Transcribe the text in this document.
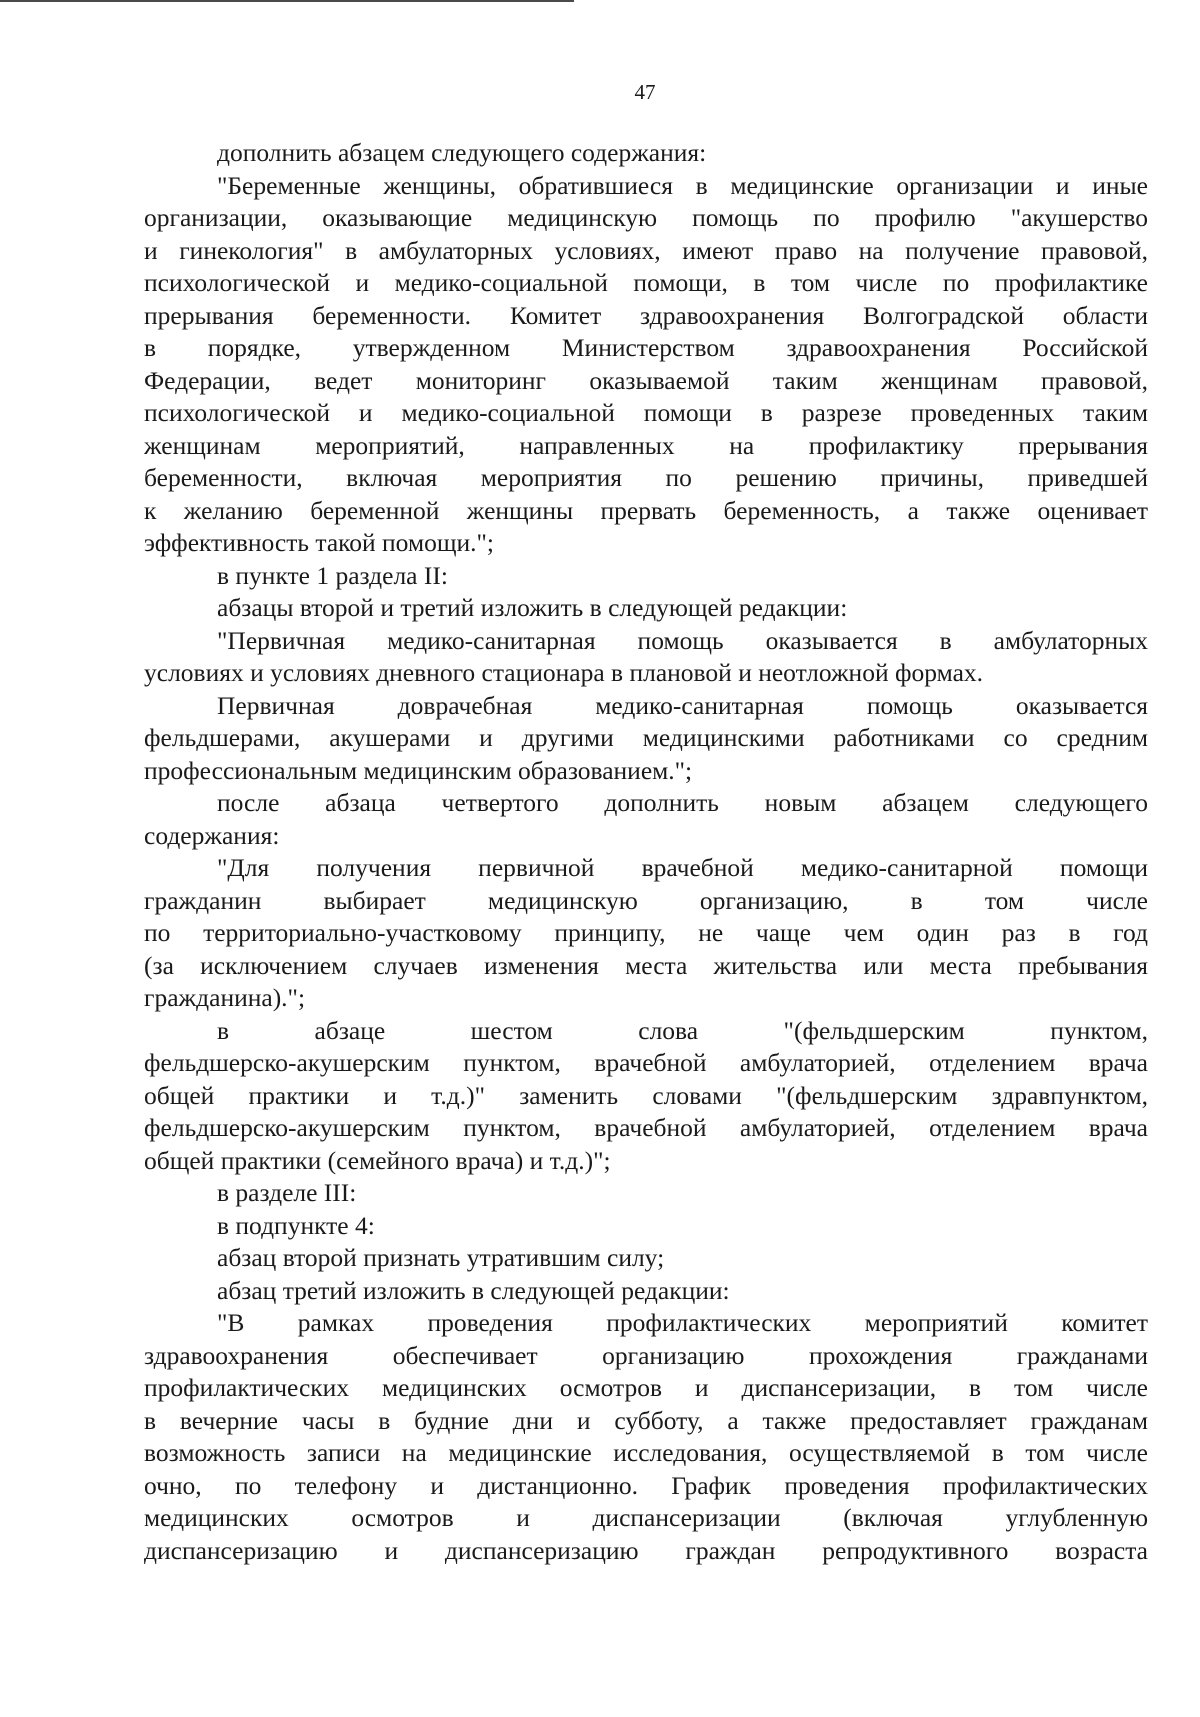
47
дополнить абзацем следующего содержания:
"Беременные женщины, обратившиеся в медицинские организации и иные
организации, оказывающие медицинскую помощь по профилю "акушерство
и гинекология" в амбулаторных условиях, имеют право на получение правовой,
психологической и медико-социальной помощи, в том числе по профилактике
прерывания беременности. Комитет здравоохранения Волгоградской области
в порядке, утвержденном Министерством здравоохранения Российской
Федерации, ведет мониторинг оказываемой таким женщинам правовой,
психологической и медико-социальной помощи в разрезе проведенных таким
женщинам мероприятий, направленных на профилактику прерывания
беременности, включая мероприятия по решению причины, приведшей
к желанию беременной женщины прервать беременность, а также оценивает
эффективность такой помощи.";
в пункте 1 раздела II:
абзацы второй и третий изложить в следующей редакции:
"Первичная медико-санитарная помощь оказывается в амбулаторных
условиях и условиях дневного стационара в плановой и неотложной формах.
Первичная доврачебная медико-санитарная помощь оказывается
фельдшерами, акушерами и другими медицинскими работниками со средним
профессиональным медицинским образованием.";
после абзаца четвертого дополнить новым абзацем следующего
содержания:
"Для получения первичной врачебной медико-санитарной помощи
гражданин выбирает медицинскую организацию, в том числе
по территориально-участковому принципу, не чаще чем один раз в год
(за исключением случаев изменения места жительства или места пребывания
гражданина).";
в абзаце шестом слова "(фельдшерским пунктом,
фельдшерско-акушерским пунктом, врачебной амбулаторией, отделением врача
общей практики и т.д.)" заменить словами "(фельдшерским здравпунктом,
фельдшерско-акушерским пунктом, врачебной амбулаторией, отделением врача
общей практики (семейного врача) и т.д.)";
в разделе III:
в подпункте 4:
абзац второй признать утратившим силу;
абзац третий изложить в следующей редакции:
"В рамках проведения профилактических мероприятий комитет
здравоохранения обеспечивает организацию прохождения гражданами
профилактических медицинских осмотров и диспансеризации, в том числе
в вечерние часы в будние дни и субботу, а также предоставляет гражданам
возможность записи на медицинские исследования, осуществляемой в том числе
очно, по телефону и дистанционно. График проведения профилактических
медицинских осмотров и диспансеризации (включая углубленную
диспансеризацию и диспансеризацию граждан репродуктивного возраста
